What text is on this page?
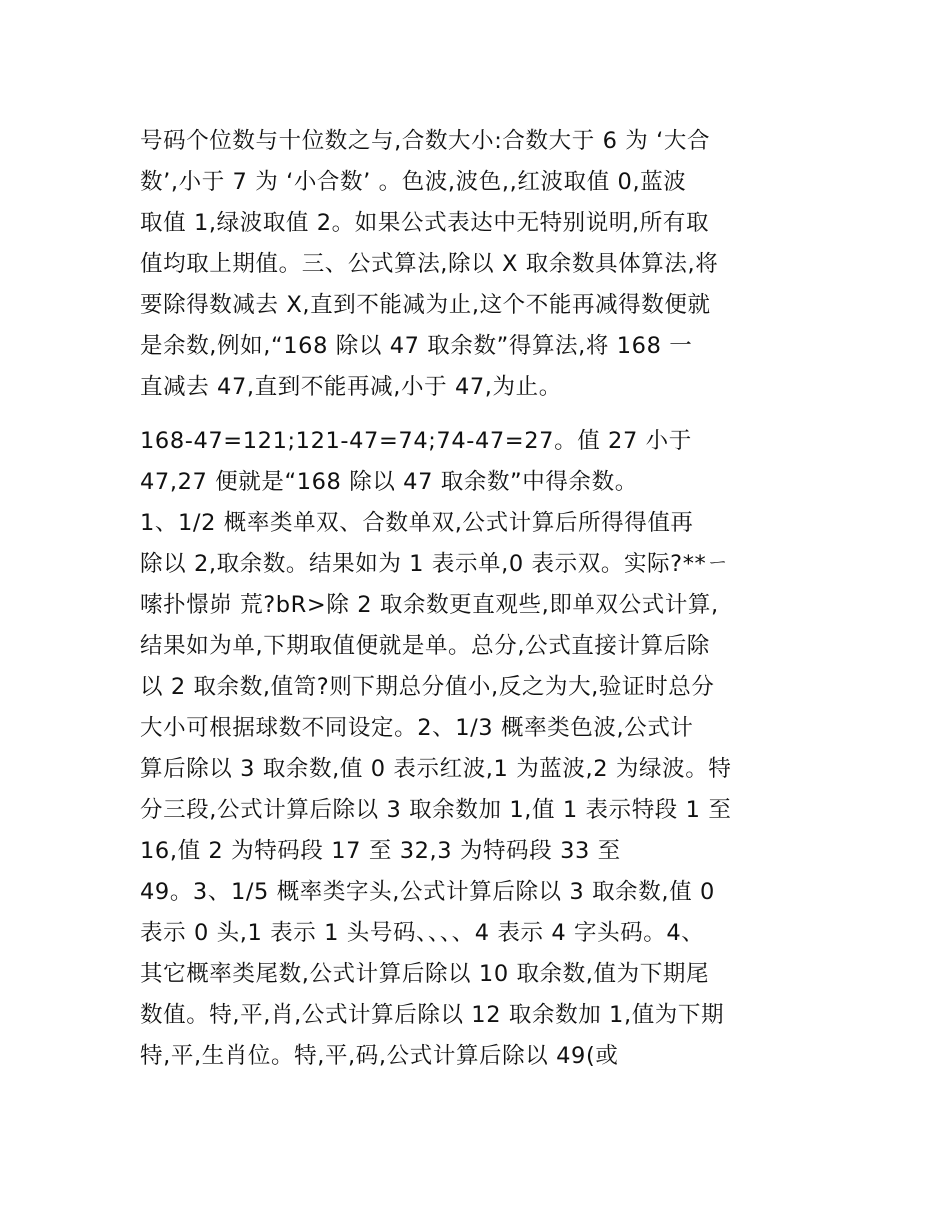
号码个位数与十位数之与,合数大小:合数大于 6 为 ‘大合
数’,小于 7 为 ‘小合数’ 。色波,波色,,红波取值 0,蓝波
取值 1,绿波取值 2。如果公式表达中无特别说明,所有取
值均取上期值。三、公式算法,除以 X 取余数具体算法,将
要除得数减去 X,直到不能减为止,这个不能再减得数便就
是余数,例如,“168 除以 47 取余数”得算法,将 168 一
直减去 47,直到不能再减,小于 47,为止。
168-47=121;121-47=74;74-47=27。值 27 小于
47,27 便就是“168 除以 47 取余数”中得余数。
1、1/2 概率类单双、合数单双,公式计算后所得得值再
除以 2,取余数。结果如为 1 表示单,0 表示双。实际?**ㄧ
嗦扑憬峁 荒?bR>除 2 取余数更直观些,即单双公式计算,
结果如为单,下期取值便就是单。总分,公式直接计算后除
以 2 取余数,值笥?则下期总分值小,反之为大,验证时总分
大小可根据球数不同设定。2、1/3 概率类色波,公式计
算后除以 3 取余数,值 0 表示红波,1 为蓝波,2 为绿波。特
分三段,公式计算后除以 3 取余数加 1,值 1 表示特段 1 至
16,值 2 为特码段 17 至 32,3 为特码段 33 至
49。3、1/5 概率类字头,公式计算后除以 3 取余数,值 0
表示 0 头,1 表示 1 头号码、、、、4 表示 4 字头码。4、
其它概率类尾数,公式计算后除以 10 取余数,值为下期尾
数值。特,平,肖,公式计算后除以 12 取余数加 1,值为下期
特,平,生肖位。特,平,码,公式计算后除以 49(或
